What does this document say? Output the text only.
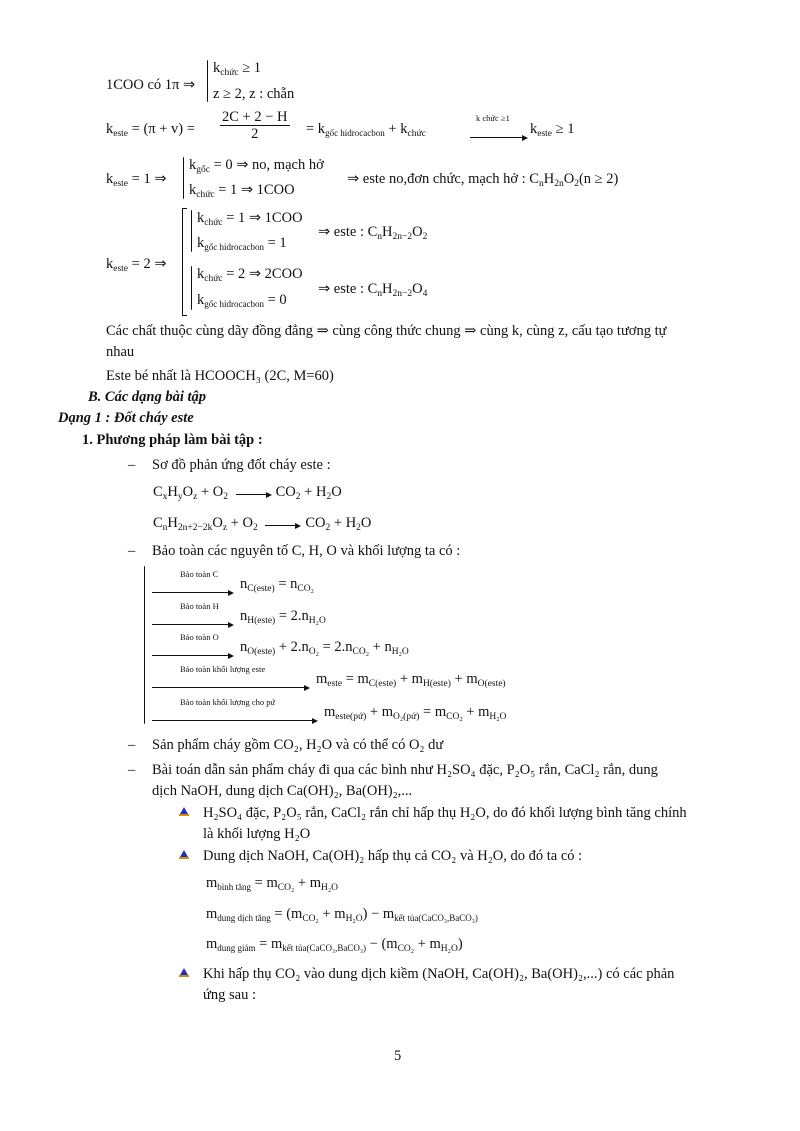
1COO có 1π ⇒
$k_{chức} \ge 1$
z ≥ 2, z : chẵn
$k_{este} = (\pi + v) = \frac{2C + 2 - H}{2} = k_{gốc hidrocacbon} + k_{chức}$
k chức ≥1
$k_{este} \ge 1$
$k_{este} = 1$ ⇒
$k_{gốc} = 0$ ⇒ no, mạch hở
$k_{chức} = 1$ ⇒ 1COO
⇒ este no,đơn chức, mạch hở : $C_nH_{2n}O_2(n \ge 2)$
$k_{este} = 2$ ⇒
$k_{chức} = 1$ ⇒ 1COO
$k_{gốc hidrocacbon} = 1$
⇒ este : $C_nH_{2n-2}O_2$
$k_{chức} = 2$ ⇒ 2COO
$k_{gốc hidrocacbon} = 0$
⇒ este : $C_nH_{2n-2}O_4$
Các chất thuộc cùng dãy đồng đẳng ⇒ cùng công thức chung ⇒ cùng k, cùng z, cấu tạo tương tự
nhau
Este bé nhất là HCOOCH₃ (2C, M=60)
B. Các dạng bài tập
Dạng 1 : Đốt cháy este
1. Phương pháp làm bài tập :
– Sơ đồ phản ứng đốt cháy este :
$C_xH_yO_z + O_2$	$CO_2 + H_2O$
$C_nH_{2n+2-2k}O_z + O_2$	$CO_2 + H_2O$
– Bảo toàn các nguyên tố C, H, O và khối lượng ta có :
Bảo toàn C
$n_{C(este)} = n_{CO_2}$
Bảo toàn H
$n_{H(este)} = 2.n_{H_2O}$
Bảo toàn O
$n_{O(este)} + 2.n_{O_2} = 2.n_{CO_2} + n_{H_2O}$
Bảo toàn khối lượng este
$m_{este} = m_{C(este)} + m_{H(este)} + m_{O(este)}$
Bảo toàn khối lượng cho pứ
$m_{este(pứ)} + m_{O_2(pứ)} = m_{CO_2} + m_{H_2O}$
– Sản phẩm cháy gồm CO₂, H₂O và có thể có O₂ dư
– Bài toán dẫn sản phẩm cháy đi qua các bình như H₂SO₄ đặc, P₂O₅ rắn, CaCl₂ rắn, dung
dịch NaOH, dung dịch Ca(OH)₂, Ba(OH)₂,...
H₂SO₄ đặc, P₂O₅ rắn, CaCl₂ rắn chỉ hấp thụ H₂O, do đó khối lượng bình tăng chính
là khối lượng H₂O
Dung dịch NaOH, Ca(OH)₂ hấp thụ cả CO₂ và H₂O, do đó ta có :
$m_{bình tăng} = m_{CO_2} + m_{H_2O}$
$m_{dung dịch tăng} = (m_{CO_2} + m_{H_2O}) - m_{kết tủa(CaCO_3,BaCO_3)}$
$m_{dung giảm} = m_{kết tủa(CaCO_3,BaCO_3)} - (m_{CO_2} + m_{H_2O})$
Khi hấp thụ CO₂ vào dung dịch kiềm (NaOH, Ca(OH)₂, Ba(OH)₂,...) có các phản
ứng sau :
5
